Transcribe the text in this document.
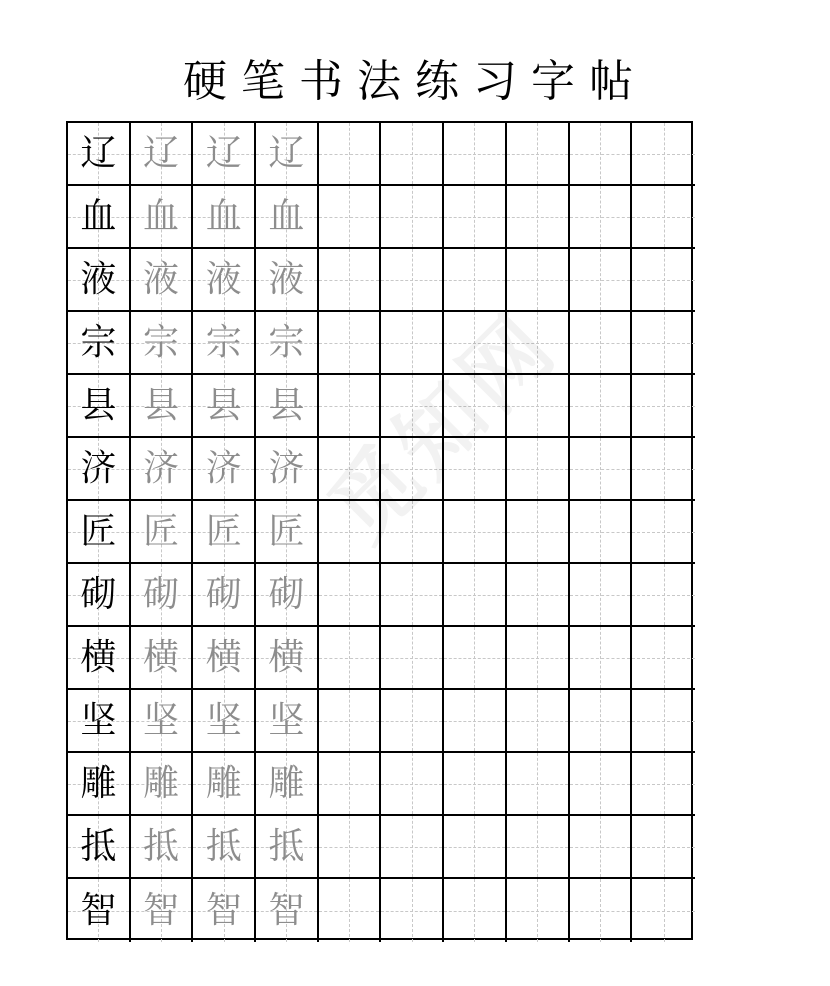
硬笔书法练习字帖
辽 辽 辽 辽
血 血 血 血
液 液 液 液
宗 宗 宗 宗
县 县 县 县
济 济 济 济
匠 匠 匠 匠
砌 砌 砌 砌
横 横 横 横
坚 坚 坚 坚
雕 雕 雕 雕
抵 抵 抵 抵
智 智 智 智
觅知网
